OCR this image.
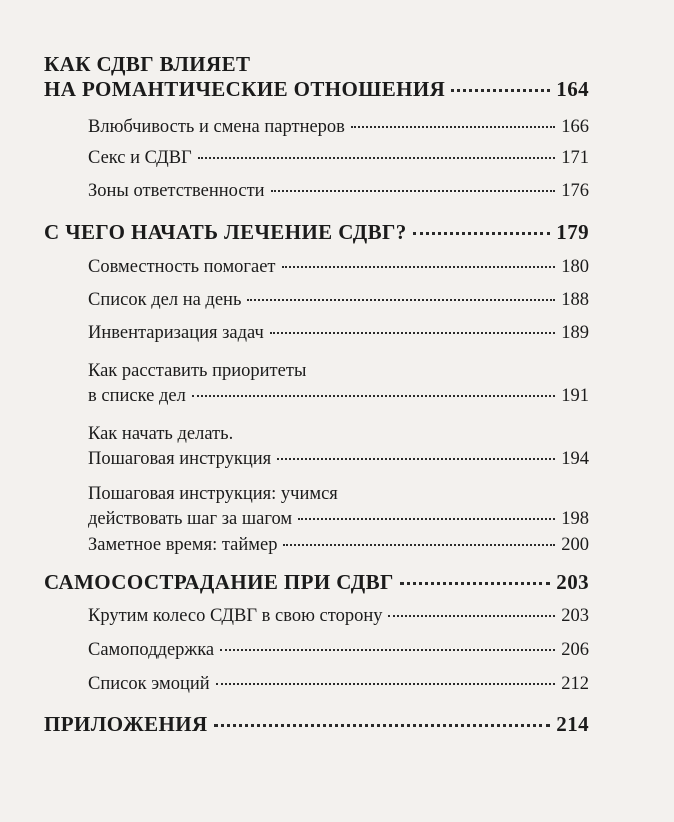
КАК СДВГ ВЛИЯЕТ
НА РОМАНТИЧЕСКИЕ ОТНОШЕНИЯ	164
Влюбчивость и смена партнеров	166
Секс и СДВГ	171
Зоны ответственности	176
С ЧЕГО НАЧАТЬ ЛЕЧЕНИЕ СДВГ?	179
Совместность помогает	180
Список дел на день	188
Инвентаризация задач	189
Как расставить приоритеты
в списке дел	191
Как начать делать.
Пошаговая инструкция	194
Пошаговая инструкция: учимся
действовать шаг за шагом	198
Заметное время: таймер	200
САМОСОСТРАДАНИЕ ПРИ СДВГ	203
Крутим колесо СДВГ в свою сторону	203
Самоподдержка	206
Список эмоций	212
ПРИЛОЖЕНИЯ	214
